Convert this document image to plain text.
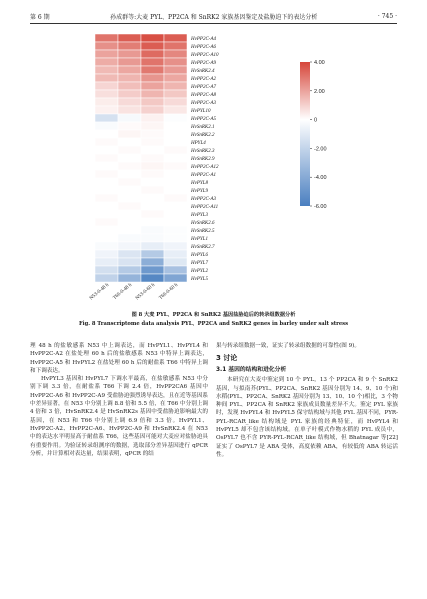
第 6 期	孙成群等:大麦 PYL、PP2CA 和 SnRK2 家族基因鉴定及盐胁迫下的表达分析	· 745 ·
HvPP2C-A4
HvPP2C-A6
HvPP2C-A10
HvPP2C-A9
HvSnRK2.4
HvPP2C-A2
HvPP2C-A7
HvPP2C-A8
HvPP2C-A3
HvPYL10
HvPP2C-A5
HvSnRK2.1
HvSnRK2.2
HPYL4
HvSnRK2.3
HvSnRK2.9
HvPP2C-A12
HvPP2C-A1
HvPYL8
HvPYL9
HvPP2C-A3
HvPP2C-A11
HvPYL3
HvSnRK2.6
HvSnRK2.5
HvPYL1
HvSnRK2.7
HvPYL6
HvPYL7
HvPYL2
HvPYL5
N53-0-48 h T66-0-48 h N53-0-60 h T66-0-60 h
4.00
2.00
0
-2.00
-4.00
-6.00
图 8 大麦 PYL、PP2CA 和 SnRK2 基因盐胁迫后的转录组数据分析
Fig. 8 Transcriptome data analysis PYL、PP2CA and SnRK2 genes in barley under salt stress

理 48 h 的盐敏感系 N53 中上调表达，而 HvPYL1、HvPYL4 和 HvPP2C-A2 在盐处理 60 h 后的盐敏感系 N53 中特异上调表达，HvPP2C-A5 和 HvPYL2 在盐处理 60 h 后的耐盐系 T66 中特异上调和下调表达。

HvPYL3 基因和 HvPYL7 下调水平最高，在盐敏感系 N53 中分别下调 3.3 倍，在耐盐系 T66 下调 2.4 倍，HvPP2CA6 基因中 HvPP2C-A6 和 HvPP2C-A9 受盐胁迫强烈诱导表达，且在近等基因系中差异显著，在 N53 中分别上调 8.8 倍和 5.5 倍，在 T66 中分别上调 4 倍和 3 倍，HvSnRK2.4 是 HvSnRK2s 基因中受盐胁迫影响最大的基因，在 N53 和 T66 中分别上调 6.9 倍和 3.3 倍。HvPYL1、HvPP2C-A2、HvPP2C-A6、HvPP2C-A9 和 HvSnRK2.4 在 N53 中的表达水平明显高于耐盐系 T66，这些基因可能对大麦应对盐胁迫具有重要作用。为验证转录组测序的数据，选取部分差异基因进行 qPCR 分析，并计算相对表达量，结果表明，qPCR 的结

果与转录组数据一致，证实了转录组数据的可靠性(图 9)。

3 讨论
3.1 基因的结构和进化分析

本研究在大麦中鉴定到 10 个 PYL，13 个 PP2CA 和 9 个 SnRK2 基因，与拟南芥(PYL、PP2CA、SnRK2 基因分别为 14、9、10 个)和水稻(PYL、PP2CA、SnRK2 基因分别为 13、10、10 个)相比，3 个物种间 PYL、PP2CA 和 SnRK2 家族成员数量差异不大。鉴定 PYL 家族时，发现 HvPYL4 和 HvPYL5 保守结构域与其他 PYL 基因不同，PYR-PYL-RCAR_like 结构域是 PYL 家族的经典特征，而 HvPYL4 和 HvPYL5 却不包含该结构域。在单子叶模式作物水稻的 PYL 成员中，OsPYL7 也不含 PYR-PYL-RCAR_like 结构域，但 Bhatnagar 等[22] 证实了 OsPYL7 是 ABA 受体，高度依赖 ABA，有较低的 ABA 转运活性。
